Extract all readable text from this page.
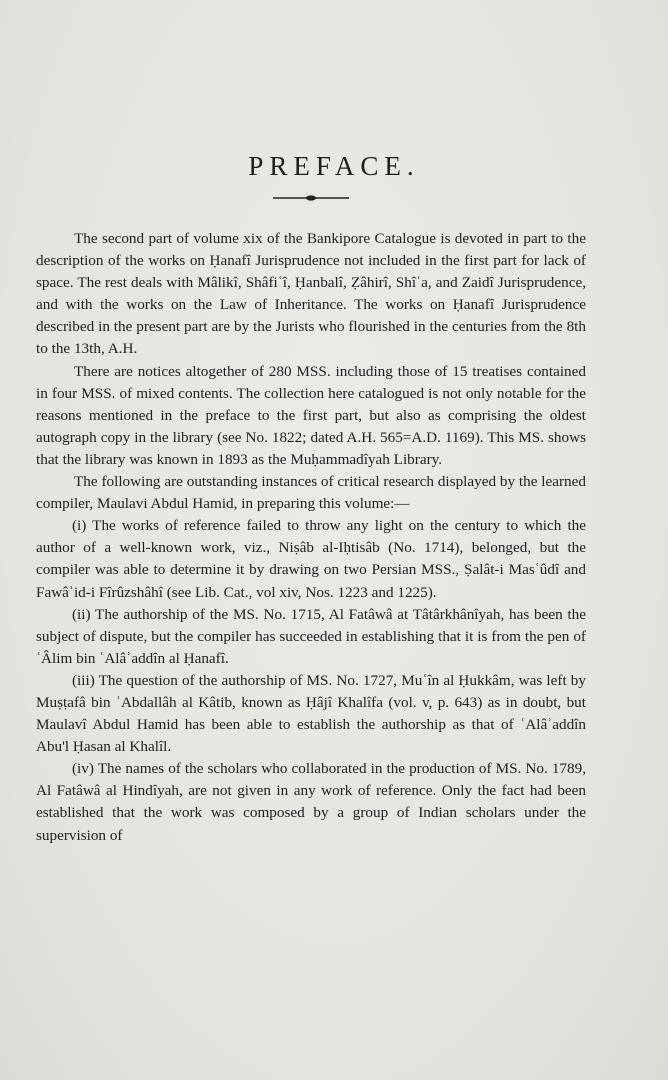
PREFACE.

The second part of volume xix of the Bankipore Catalogue is devoted in part to the description of the works on Ḥanafî Jurisprudence not included in the first part for lack of space. The rest deals with Mâlikî, Shâfiʿî, Ḥanbalî, Ẓâhirî, Shîʿa, and Zaidî Jurisprudence, and with the works on the Law of Inheritance. The works on Ḥanafî Jurisprudence described in the present part are by the Jurists who flourished in the centuries from the 8th to the 13th, A.H.

There are notices altogether of 280 MSS. including those of 15 treatises contained in four MSS. of mixed contents. The collection here catalogued is not only notable for the reasons mentioned in the preface to the first part, but also as comprising the oldest autograph copy in the library (see No. 1822; dated A.H. 565=A.D. 1169). This MS. shows that the library was known in 1893 as the Muḥammadîyah Library.

The following are outstanding instances of critical research displayed by the learned compiler, Maulavi Abdul Hamid, in preparing this volume:—

(i) The works of reference failed to throw any light on the century to which the author of a well-known work, viz., Niṣâb al-Iḥtisâb (No. 1714), belonged, but the compiler was able to determine it by drawing on two Persian MSS., Ṣalât-i Masʿûdî and Fawâʾid-i Fîrûzshâhî (see Lib. Cat., vol xiv, Nos. 1223 and 1225).

(ii) The authorship of the MS. No. 1715, Al Fatâwâ at Tâtârkhânîyah, has been the subject of dispute, but the compiler has succeeded in establishing that it is from the pen of ʿÂlim bin ʿAlâʾaddîn al Ḥanafî.

(iii) The question of the authorship of MS. No. 1727, Muʿîn al Ḥukkâm, was left by Muṣṭafâ bin ʿAbdallâh al Kâtib, known as Ḥâjî Khalîfa (vol. v, p. 643) as in doubt, but Maulavî Abdul Hamid has been able to establish the authorship as that of ʿAlâʾaddîn Abu'l Ḥasan al Khalîl.

(iv) The names of the scholars who collaborated in the production of MS. No. 1789, Al Fatâwâ al Hindîyah, are not given in any work of reference. Only the fact had been established that the work was composed by a group of Indian scholars under the supervision of
